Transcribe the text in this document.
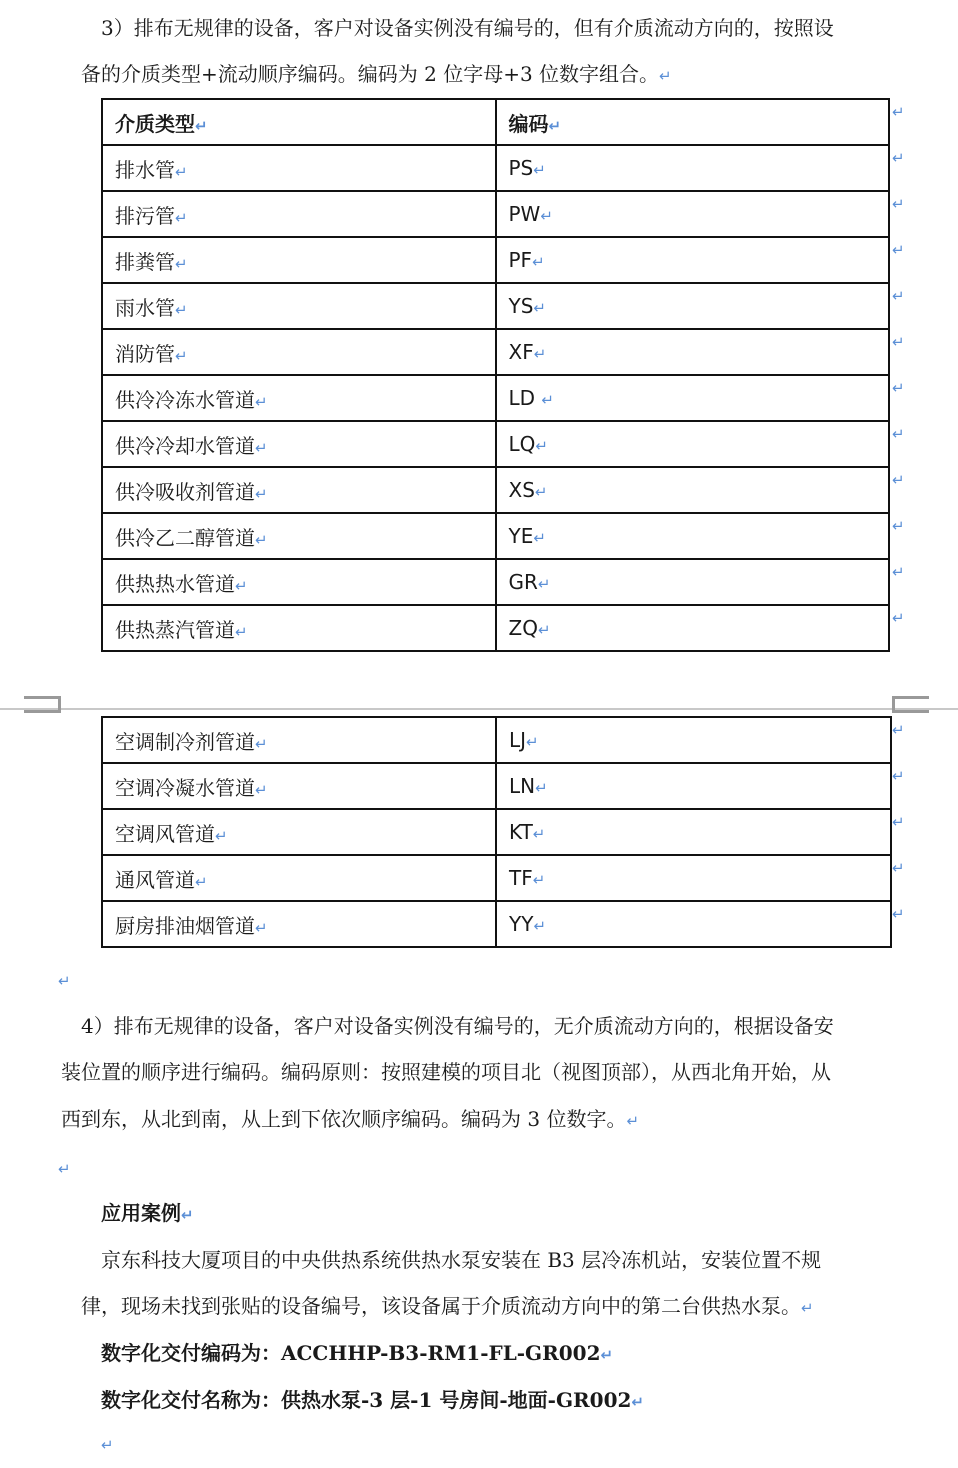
3）排布无规律的设备，客户对设备实例没有编号的，但有介质流动方向的，按照设
备的介质类型+流动顺序编码。编码为 2 位字母+3 位数字组合。↵
介质类型↵	编码↵
排水管↵	PS↵
排污管↵	PW↵
排粪管↵	PF↵
雨水管↵	YS↵
消防管↵	XF↵
供冷冷冻水管道↵	LD ↵
供冷冷却水管道↵	LQ↵
供冷吸收剂管道↵	XS↵
供冷乙二醇管道↵	YE↵
供热热水管道↵	GR↵
供热蒸汽管道↵	ZQ↵
空调制冷剂管道↵	LJ↵
空调冷凝水管道↵	LN↵
空调风管道↵	KT↵
通风管道↵	TF↵
厨房排油烟管道↵	YY↵
↵
4）排布无规律的设备，客户对设备实例没有编号的，无介质流动方向的，根据设备安
装位置的顺序进行编码。编码原则：按照建模的项目北（视图顶部），从西北角开始，从
西到东，从北到南，从上到下依次顺序编码。编码为 3 位数字。↵
↵
应用案例↵
京东科技大厦项目的中央供热系统供热水泵安装在 B3 层冷冻机站，安装位置不规
律，现场未找到张贴的设备编号，该设备属于介质流动方向中的第二台供热水泵。↵
数字化交付编码为：ACCHHP-B3-RM1-FL-GR002↵
数字化交付名称为：供热水泵-3 层-1 号房间-地面-GR002↵
↵
↵
↵
↵
↵
↵
↵
↵
↵
↵
↵
↵
↵
↵
↵
↵
↵
↵
